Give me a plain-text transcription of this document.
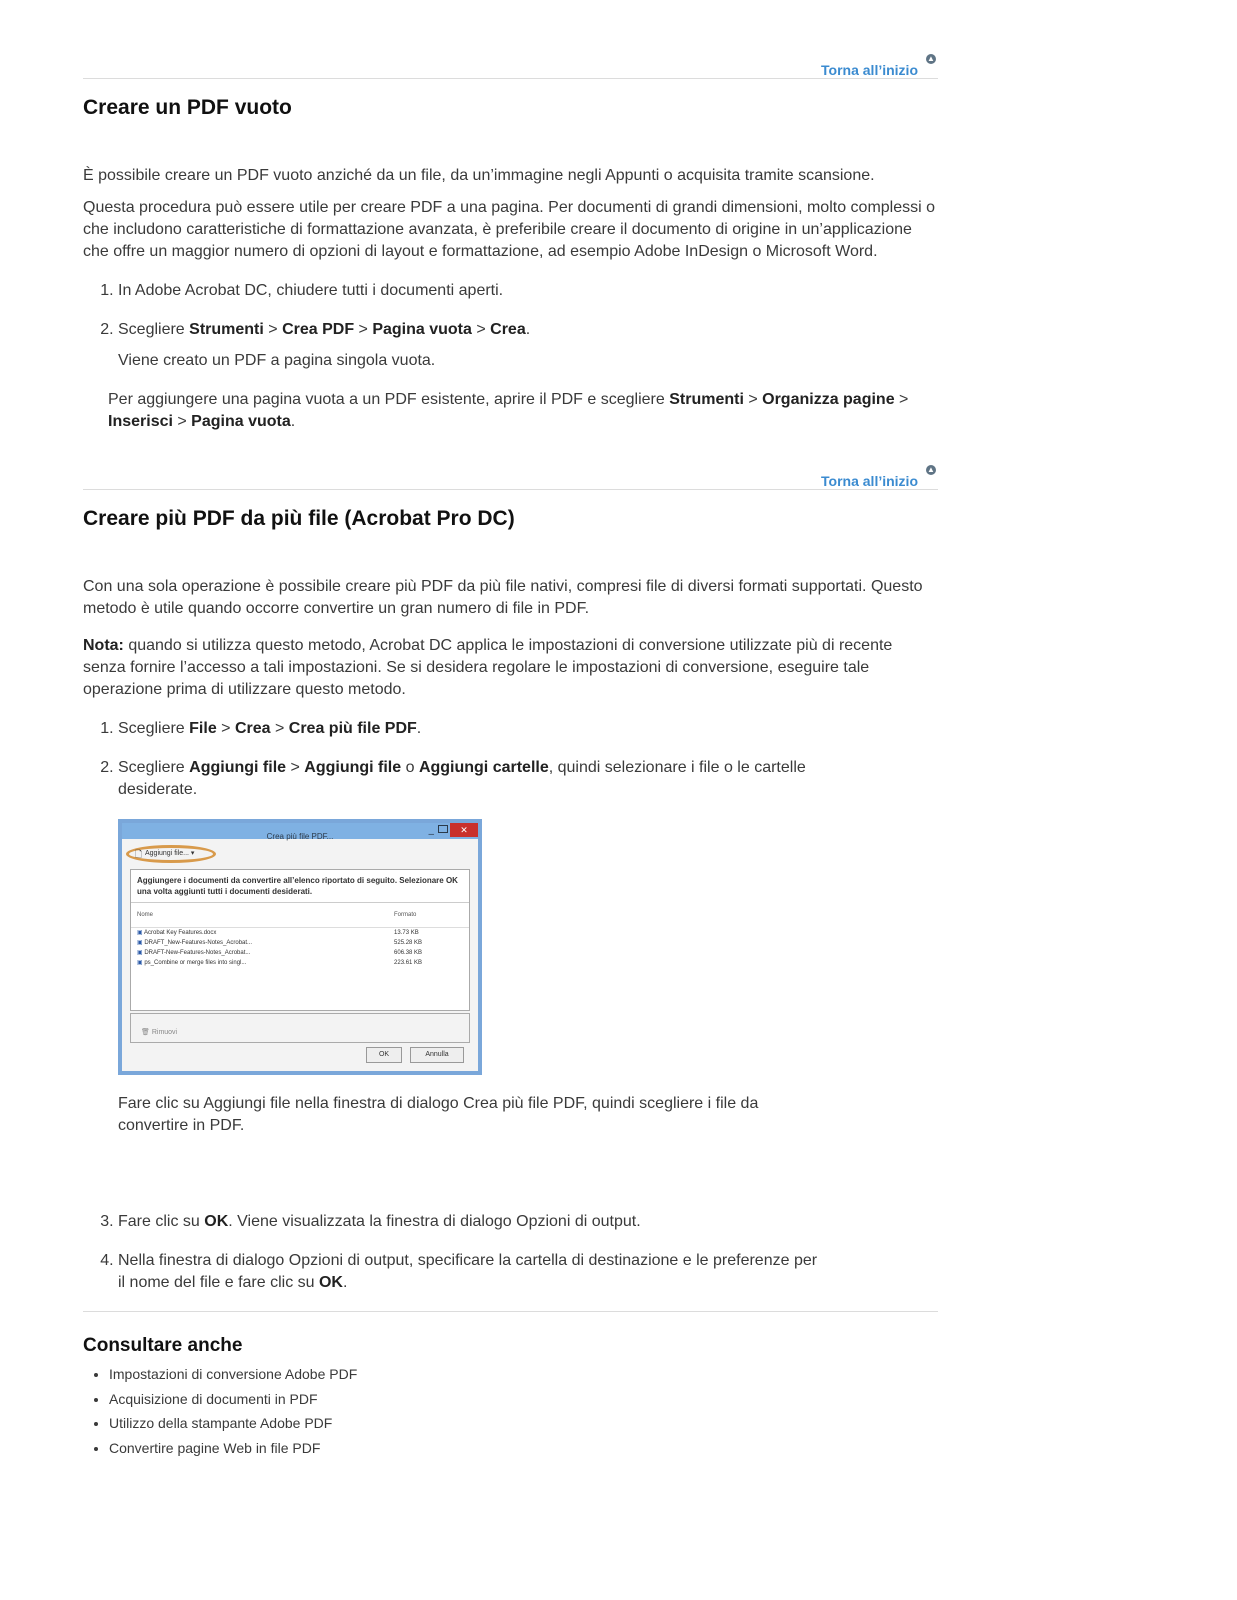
Torna all’inizio
▲
Creare un PDF vuoto

È possibile creare un PDF vuoto anziché da un file, da un’immagine negli Appunti o acquisita tramite scansione.

Questa procedura può essere utile per creare PDF a una pagina. Per documenti di grandi dimensioni, molto complessi o che includono caratteristiche di formattazione avanzata, è preferibile creare il documento di origine in un’applicazione che offre un maggior numero di opzioni di layout e formattazione, ad esempio Adobe InDesign o Microsoft Word.

1. In Adobe Acrobat DC, chiudere tutti i documenti aperti.
2. Scegliere Strumenti > Crea PDF > Pagina vuota > Crea.
Viene creato un PDF a pagina singola vuota.

Per aggiungere una pagina vuota a un PDF esistente, aprire il PDF e scegliere Strumenti > Organizza pagine > Inserisci > Pagina vuota.

Torna all’inizio
▲
Creare più PDF da più file (Acrobat Pro DC)

Con una sola operazione è possibile creare più PDF da più file nativi, compresi file di diversi formati supportati. Questo metodo è utile quando occorre convertire un gran numero di file in PDF.

Nota: quando si utilizza questo metodo, Acrobat DC applica le impostazioni di conversione utilizzate più di recente senza fornire l’accesso a tali impostazioni. Se si desidera regolare le impostazioni di conversione, eseguire tale operazione prima di utilizzare questo metodo.

1. Scegliere File > Crea > Crea più file PDF.
2. Scegliere Aggiungi file > Aggiungi file o Aggiungi cartelle, quindi selezionare i file o le cartelle desiderate.
Crea più file PDF...	–	✕
🗋 Aggiungi file... ▾
Aggiungere i documenti da convertire all’elenco riportato di seguito. Selezionare OK una volta aggiunti tutti i documenti desiderati.
Nome	Formato
▣ Acrobat Key Features.docx	13.73 KB
▣ DRAFT_New-Features-Notes_Acrobat...	525.28 KB
▣ DRAFT-New-Features-Notes_Acrobat...	606.38 KB
▣ ps_Combine or merge files into singl...	223.61 KB
🗑 Rimuovi
OK	Annulla

Fare clic su Aggiungi file nella finestra di dialogo Crea più file PDF, quindi scegliere i file da convertire in PDF.

3. Fare clic su OK. Viene visualizzata la finestra di dialogo Opzioni di output.
4. Nella finestra di dialogo Opzioni di output, specificare la cartella di destinazione e le preferenze per il nome del file e fare clic su OK.
Consultare anche
• Impostazioni di conversione Adobe PDF
• Acquisizione di documenti in PDF
• Utilizzo della stampante Adobe PDF
• Convertire pagine Web in file PDF
